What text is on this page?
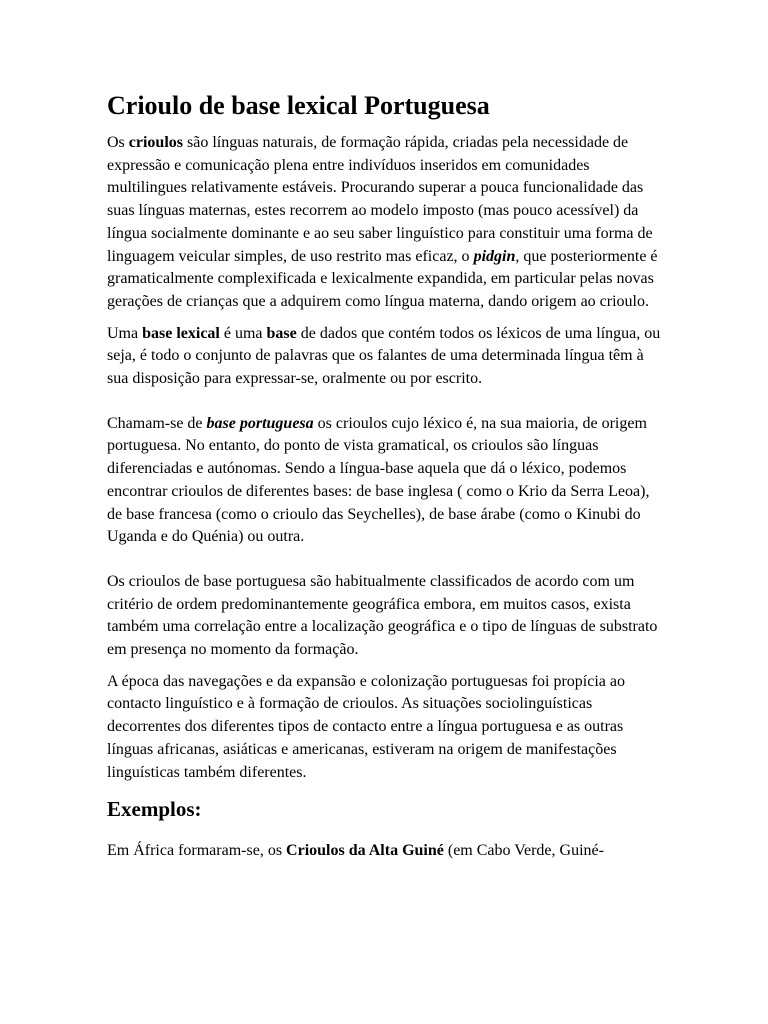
Crioulo de base lexical Portuguesa

Os crioulos são línguas naturais, de formação rápida, criadas pela necessidade de expressão e comunicação plena entre indivíduos inseridos em comunidades multilingues relativamente estáveis. Procurando superar a pouca funcionalidade das suas línguas maternas, estes recorrem ao modelo imposto (mas pouco acessível) da língua socialmente dominante e ao seu saber linguístico para constituir uma forma de linguagem veicular simples, de uso restrito mas eficaz, o pidgin, que posteriormente é gramaticalmente complexificada e lexicalmente expandida, em particular pelas novas gerações de crianças que a adquirem como língua materna, dando origem ao crioulo.

Uma base lexical é uma base de dados que contém todos os léxicos de uma língua, ou seja, é todo o conjunto de palavras que os falantes de uma determinada língua têm à sua disposição para expressar-se, oralmente ou por escrito.

Chamam-se de base portuguesa os crioulos cujo léxico é, na sua maioria, de origem portuguesa. No entanto, do ponto de vista gramatical, os crioulos são línguas diferenciadas e autónomas. Sendo a língua-base aquela que dá o léxico, podemos encontrar crioulos de diferentes bases: de base inglesa ( como o Krio da Serra Leoa), de base francesa (como o crioulo das Seychelles), de base árabe (como o Kinubi do Uganda e do Quénia) ou outra.

Os crioulos de base portuguesa são habitualmente classificados de acordo com um critério de ordem predominantemente geográfica embora, em muitos casos, exista também uma correlação entre a localização geográfica e o tipo de línguas de substrato em presença no momento da formação.

A época das navegações e da expansão e colonização portuguesas foi propícia ao contacto linguístico e à formação de crioulos. As situações sociolinguísticas decorrentes dos diferentes tipos de contacto entre a língua portuguesa e as outras línguas africanas, asiáticas e americanas, estiveram na origem de manifestações linguísticas também diferentes.

Exemplos:

Em África formaram-se, os Crioulos da Alta Guiné (em Cabo Verde, Guiné-
